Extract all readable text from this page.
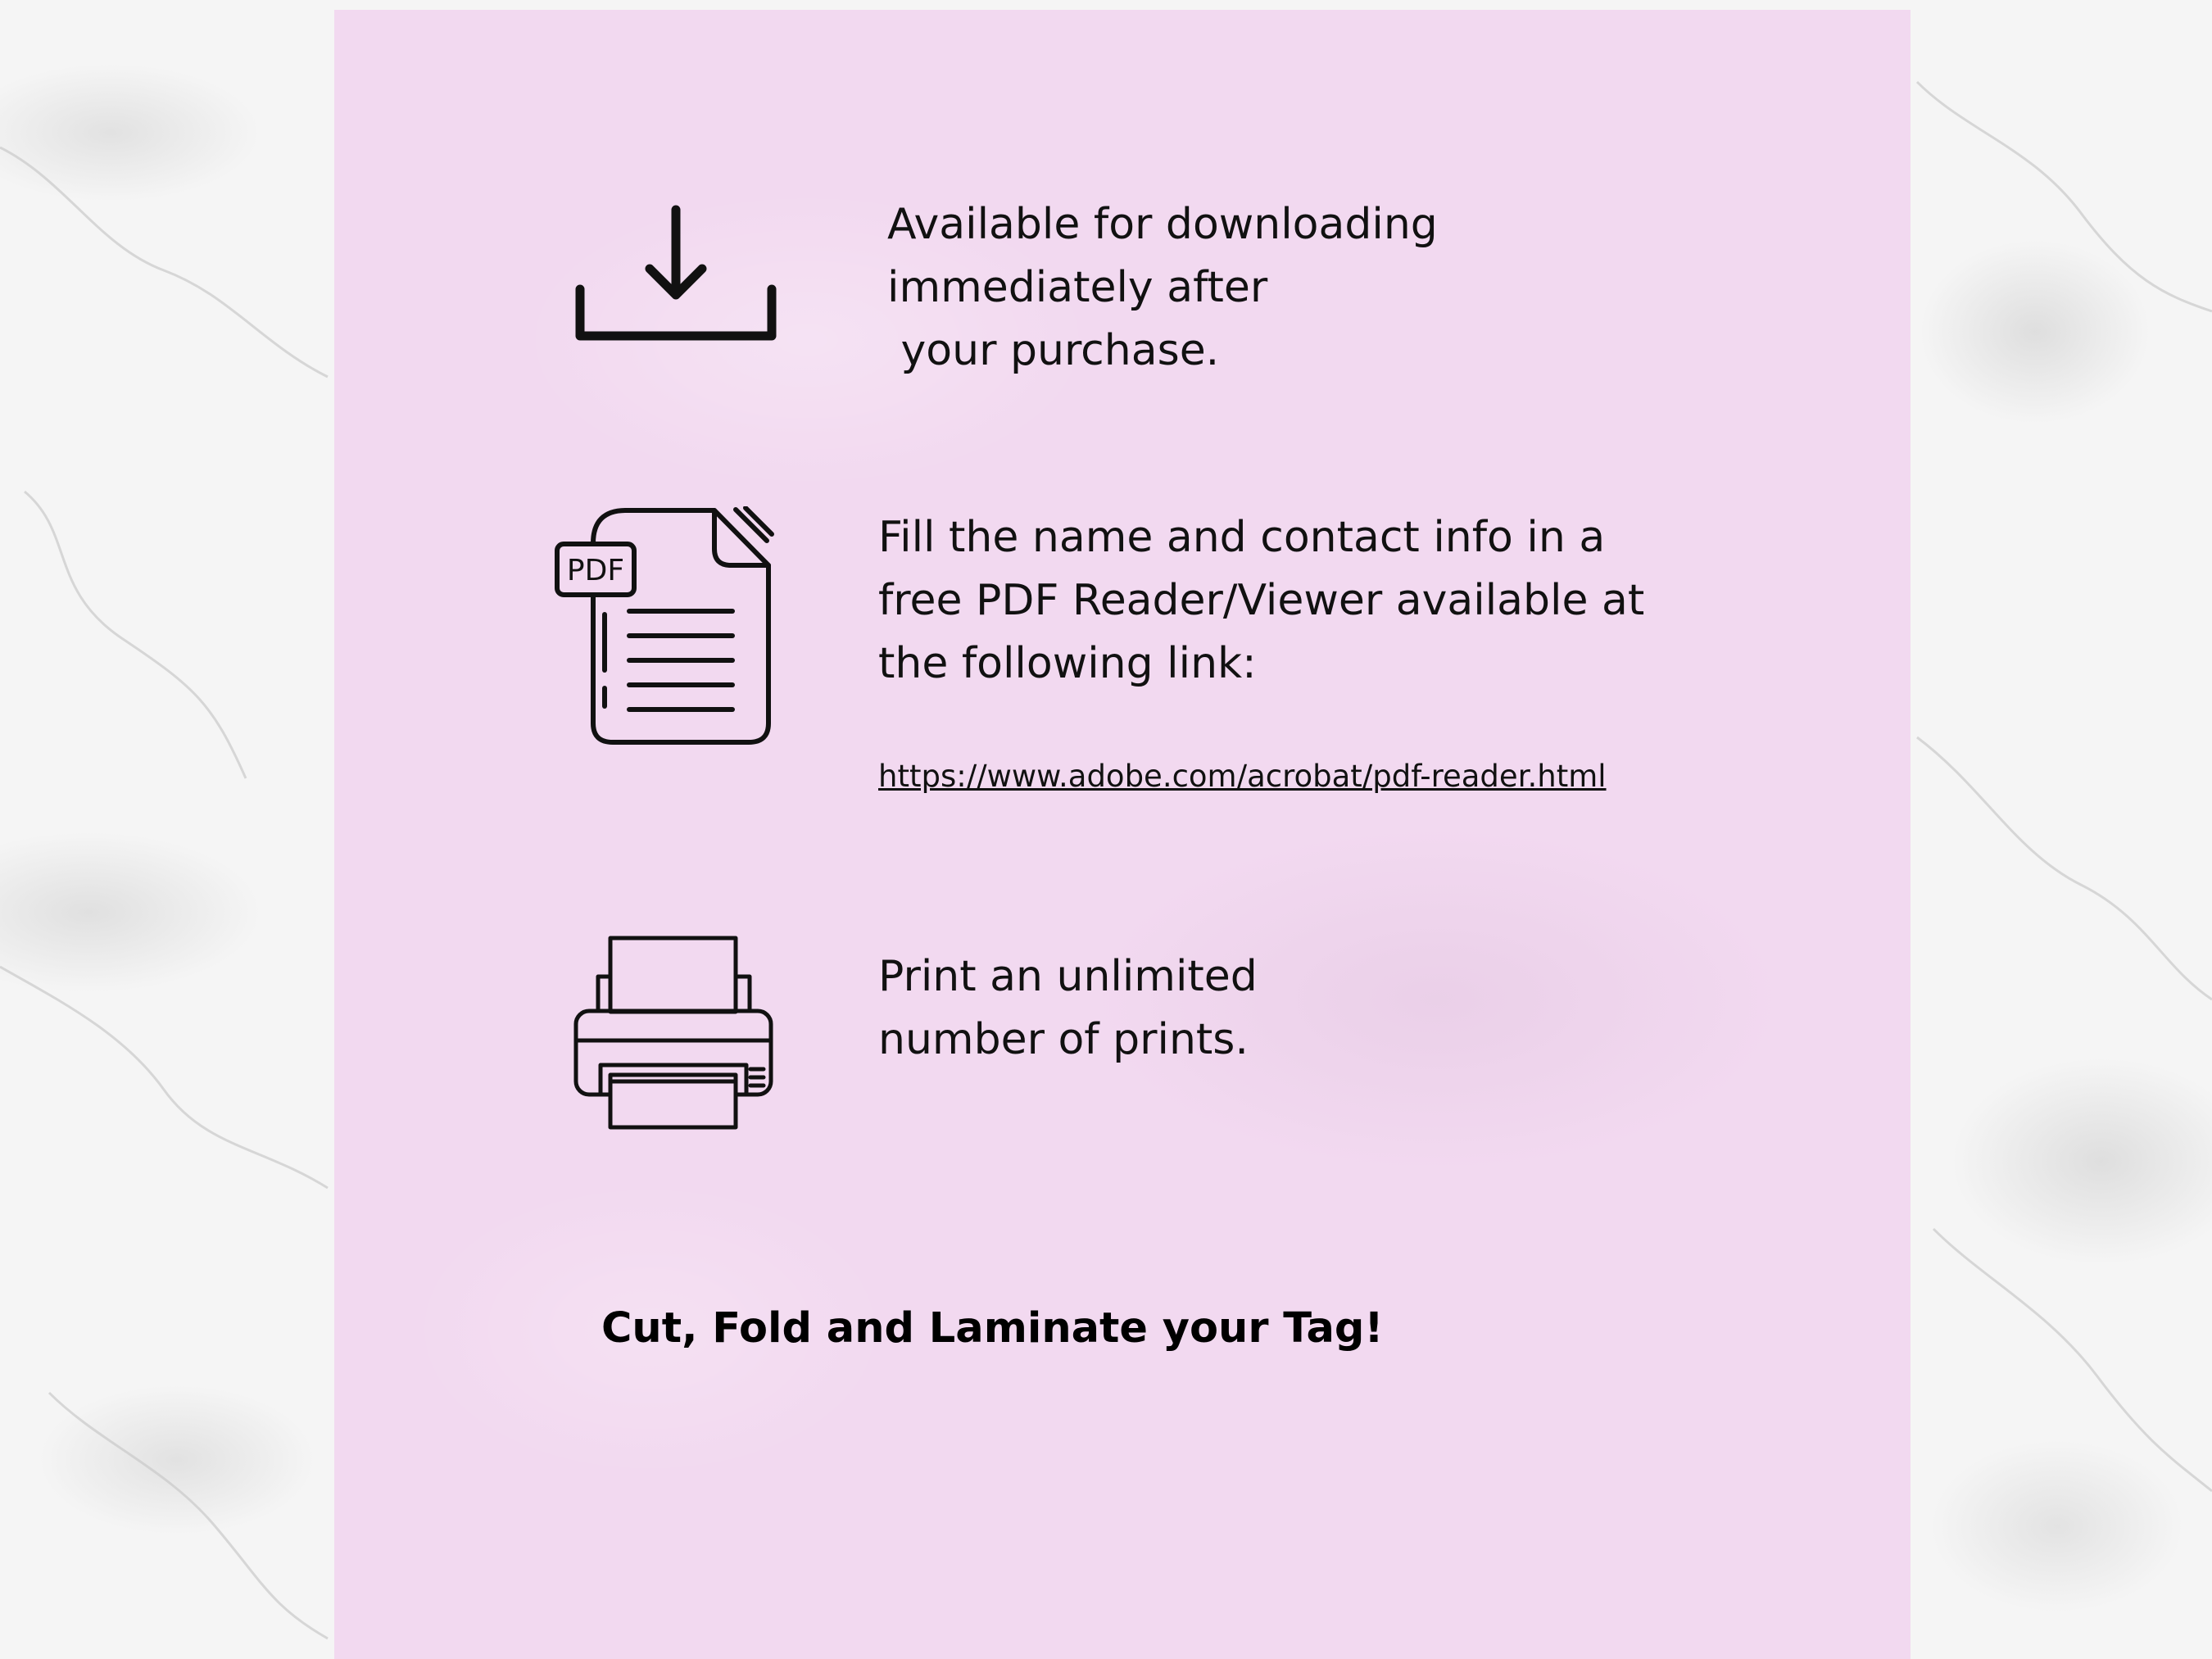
Available for downloading
immediately after
your purchase.
PDF
Fill the name and contact info in a
free PDF Reader/Viewer available at
the following link:
https://www.adobe.com/acrobat/pdf-reader.html
Print an unlimited
number of prints.
Cut, Fold and Laminate your Tag!
